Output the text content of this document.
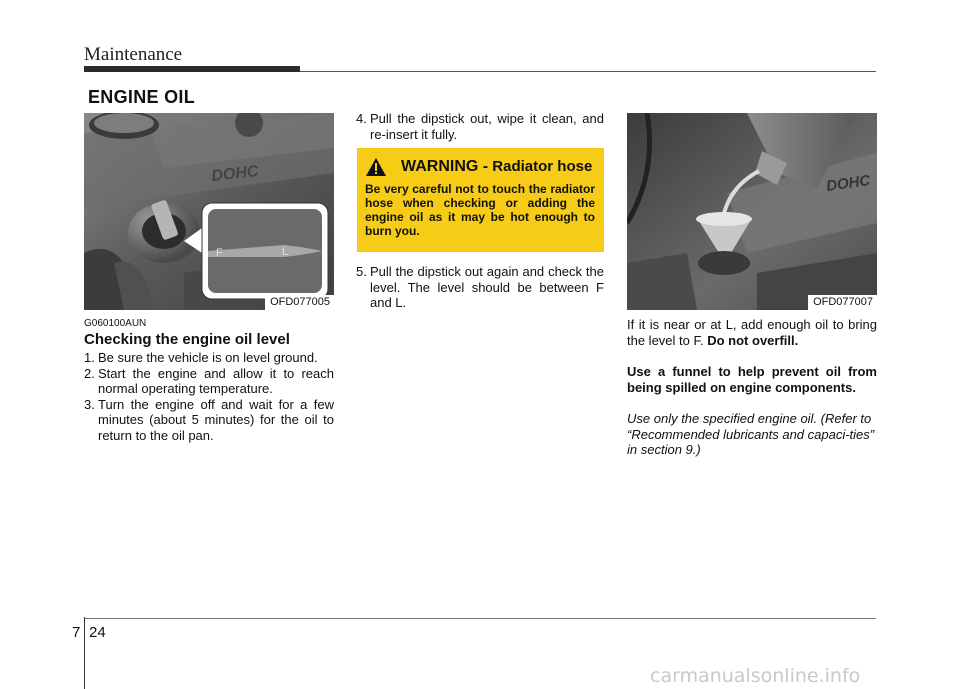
Maintenance
ENGINE OIL
DOHC
F	L
OFD077005
G060100AUN
Checking the engine oil level

1. Be sure the vehicle is on level ground.

2. Start the engine and allow it to reach normal operating temperature.

3. Turn the engine off and wait for a few minutes (about 5 minutes) for the oil to return to the oil pan.

4. Pull the dipstick out, wipe it clean, and re-insert it fully.

WARNING - Radiator hose
Be very careful not to touch the radiator hose when checking or adding the engine oil as it may be hot enough to burn you.

5. Pull the dipstick out again and check the level. The level should be between F and L.

DOHC
OFD077007

If it is near or at L, add enough oil to bring the level to F. Do not overfill.

Use a funnel to help prevent oil from being spilled on engine components.

Use only the specified engine oil. (Refer to “Recommended lubricants and capaci-ties” in section 9.)

7 24
carmanualsonline.info
